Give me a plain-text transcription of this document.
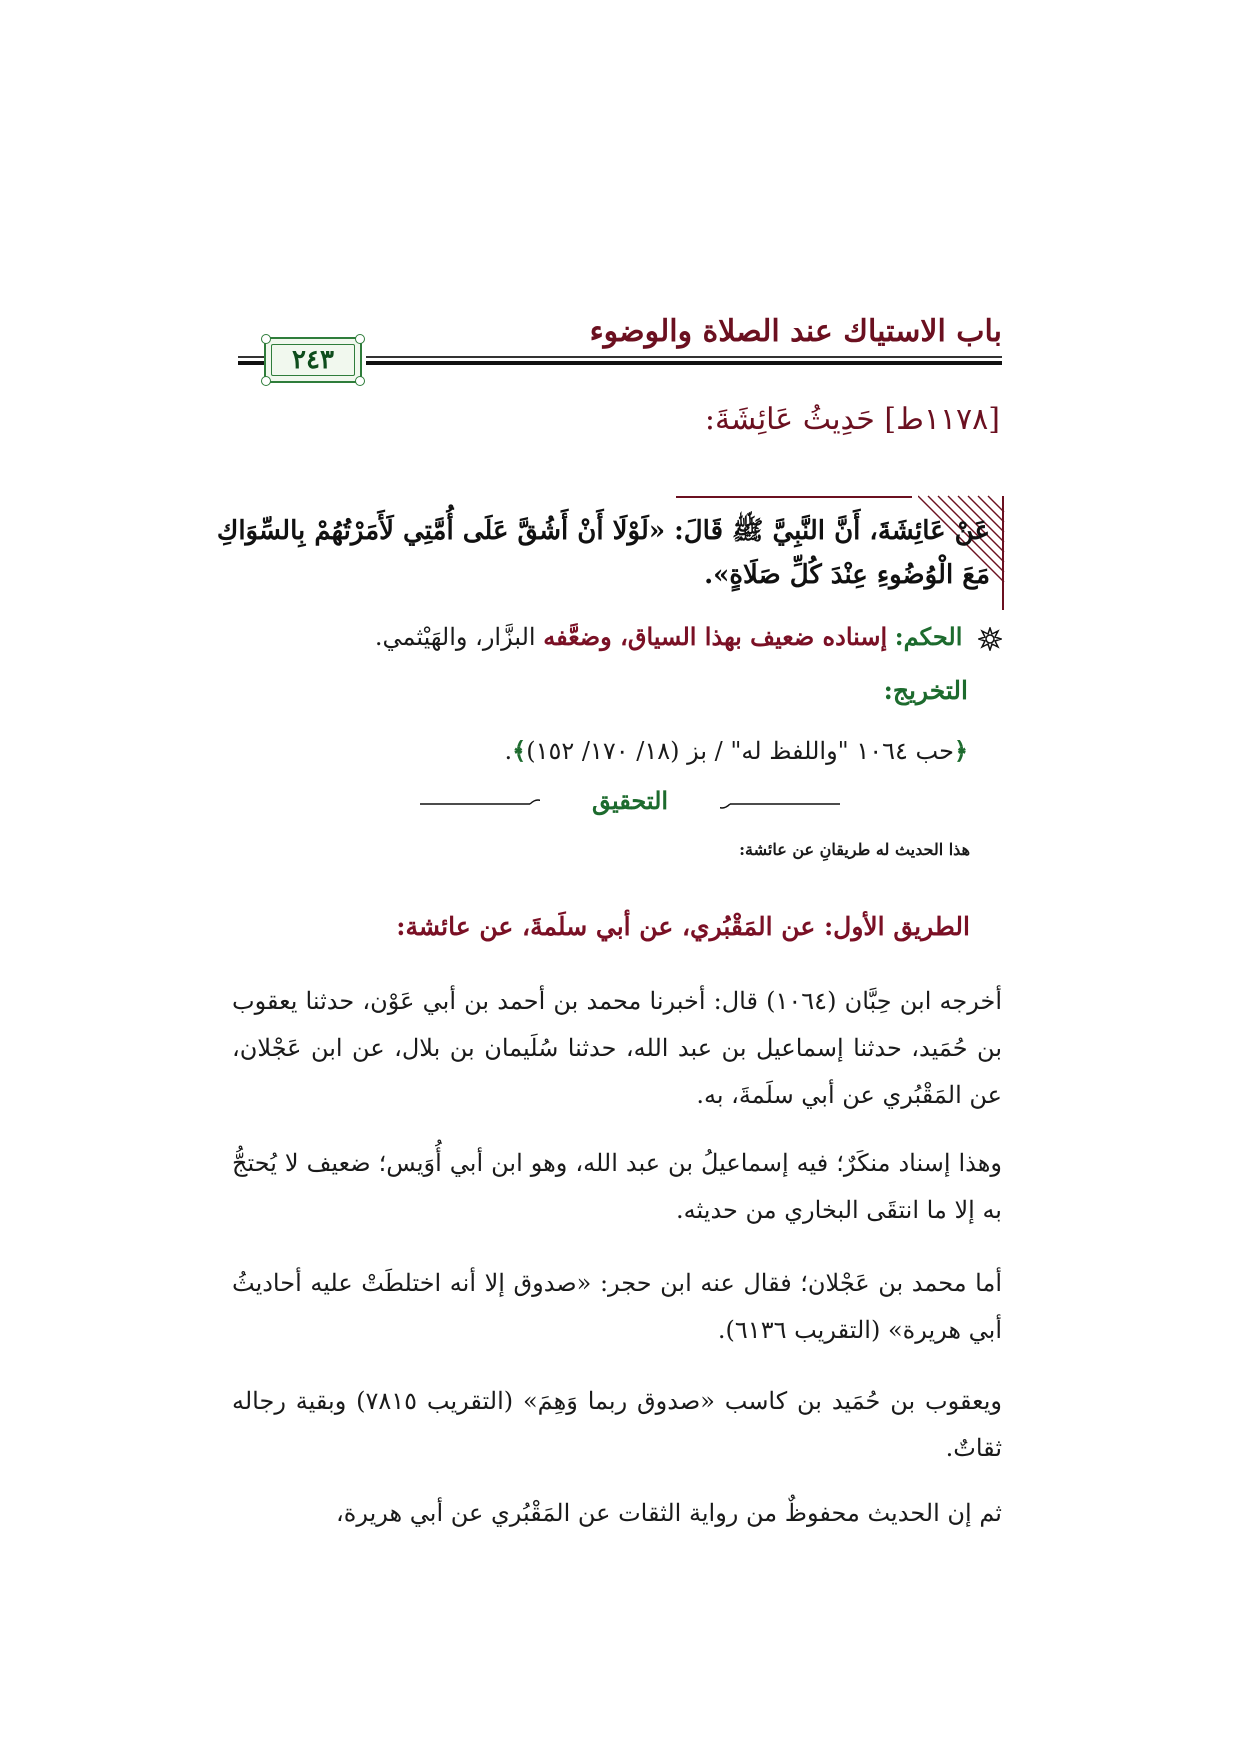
باب الاستياك عند الصلاة والوضوء
٢٤٣
[١١٧٨ط] حَدِيثُ عَائِشَةَ:
عَنْ عَائِشَةَ، أَنَّ النَّبِيَّ ﷺ قَالَ: «لَوْلَا أَنْ أَشُقَّ عَلَى أُمَّتِي لَأَمَرْتُهُمْ بِالسِّوَاكِ
مَعَ الْوُضُوءِ عِنْدَ كُلِّ صَلَاةٍ».
الحكم: إسناده ضعيف بهذا السياق، وضعَّفه البزَّار، والهَيْثمي.
التخريج:
﴿حب ١٠٦٤ "واللفظ له" / بز (١٨/ ١٧٠/ ١٥٢)﴾.
التحقيق
هذا الحديث له طريقانِ عن عائشة:
الطريق الأول: عن المَقْبُري، عن أبي سلَمةَ، عن عائشة:
أخرجه ابن حِبَّان (١٠٦٤) قال: أخبرنا محمد بن أحمد بن أبي عَوْن، حدثنا يعقوب بن حُمَيد، حدثنا إسماعيل بن عبد الله، حدثنا سُلَيمان بن بلال، عن ابن عَجْلان، عن المَقْبُري عن أبي سلَمةَ، به.
وهذا إسناد منكَرٌ؛ فيه إسماعيلُ بن عبد الله، وهو ابن أبي أُوَيس؛ ضعيف لا يُحتجُّ به إلا ما انتقَى البخاري من حديثه.
أما محمد بن عَجْلان؛ فقال عنه ابن حجر: «صدوق إلا أنه اختلطَتْ عليه أحاديثُ أبي هريرة» (التقريب ٦١٣٦).
ويعقوب بن حُمَيد بن كاسب «صدوق ربما وَهِمَ» (التقريب ٧٨١٥) وبقية رجاله ثقاتٌ.
ثم إن الحديث محفوظٌ من رواية الثقات عن المَقْبُري عن أبي هريرة،
